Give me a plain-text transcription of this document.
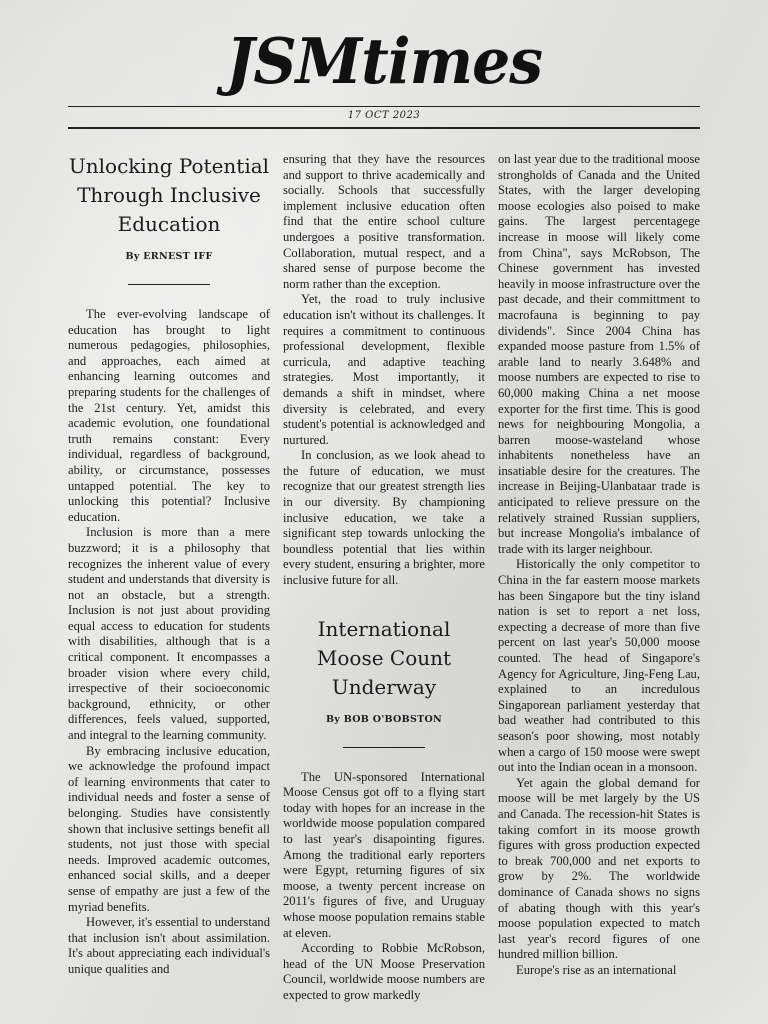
JSMtimes
17 OCT 2023
Unlocking Potential Through Inclusive Education
By ERNEST IFF

The ever-evolving landscape of education has brought to light numerous pedagogies, philosophies, and approaches, each aimed at enhancing learning outcomes and preparing students for the challenges of the 21st century. Yet, amidst this academic evolution, one foundational truth remains constant: Every individual, regardless of background, ability, or circumstance, possesses untapped potential. The key to unlocking this potential? Inclusive education.

Inclusion is more than a mere buzzword; it is a philosophy that recognizes the inherent value of every student and understands that diversity is not an obstacle, but a strength. Inclusion is not just about providing equal access to education for students with disabilities, although that is a critical component. It encompasses a broader vision where every child, irrespective of their socioeconomic background, ethnicity, or other differences, feels valued, supported, and integral to the learning community.

By embracing inclusive education, we acknowledge the profound impact of learning environments that cater to individual needs and foster a sense of belonging. Studies have consistently shown that inclusive settings benefit all students, not just those with special needs. Improved academic outcomes, enhanced social skills, and a deeper sense of empathy are just a few of the myriad benefits.

However, it's essential to understand that inclusion isn't about assimilation. It's about appreciating each individual's unique qualities and

ensuring that they have the resources and support to thrive academically and socially. Schools that successfully implement inclusive education often find that the entire school culture undergoes a positive transformation. Collaboration, mutual respect, and a shared sense of purpose become the norm rather than the exception.

Yet, the road to truly inclusive education isn't without its challenges. It requires a commitment to continuous professional development, flexible curricula, and adaptive teaching strategies. Most importantly, it demands a shift in mindset, where diversity is celebrated, and every student's potential is acknowledged and nurtured.

In conclusion, as we look ahead to the future of education, we must recognize that our greatest strength lies in our diversity. By championing inclusive education, we take a significant step towards unlocking the boundless potential that lies within every student, ensuring a brighter, more inclusive future for all.

International Moose Count Underway
By BOB O'BOBSTON

The UN-sponsored International Moose Census got off to a flying start today with hopes for an increase in the worldwide moose population compared to last year's disapointing figures. Among the traditional early reporters were Egypt, returning figures of six moose, a twenty percent increase on 2011's figures of five, and Uruguay whose moose population remains stable at eleven.

According to Robbie McRobson, head of the UN Moose Preservation Council, worldwide moose numbers are expected to grow markedly

on last year due to the traditional moose strongholds of Canada and the United States, with the larger developing moose ecologies also poised to make gains. The largest percentagege increase in moose will likely come from China", says McRobson, The Chinese government has invested heavily in moose infrastructure over the past decade, and their committment to macrofauna is beginning to pay dividends". Since 2004 China has expanded moose pasture from 1.5% of arable land to nearly 3.648% and moose numbers are expected to rise to 60,000 making China a net moose exporter for the first time. This is good news for neighbouring Mongolia, a barren moose-wasteland whose inhabitents nonetheless have an insatiable desire for the creatures. The increase in Beijing-Ulanbataar trade is anticipated to relieve pressure on the relatively strained Russian suppliers, but increase Mongolia's imbalance of trade with its larger neighbour.

Historically the only competitor to China in the far eastern moose markets has been Singapore but the tiny island nation is set to report a net loss, expecting a decrease of more than five percent on last year's 50,000 moose counted. The head of Singapore's Agency for Agriculture, Jing-Feng Lau, explained to an incredulous Singaporean parliament yesterday that bad weather had contributed to this season's poor showing, most notably when a cargo of 150 moose were swept out into the Indian ocean in a monsoon.

Yet again the global demand for moose will be met largely by the US and Canada. The recession-hit States is taking comfort in its moose growth figures with gross production expected to break 700,000 and net exports to grow by 2%. The worldwide dominance of Canada shows no signs of abating though with this year's moose population expected to match last year's record figures of one hundred million billion.

Europe's rise as an international
